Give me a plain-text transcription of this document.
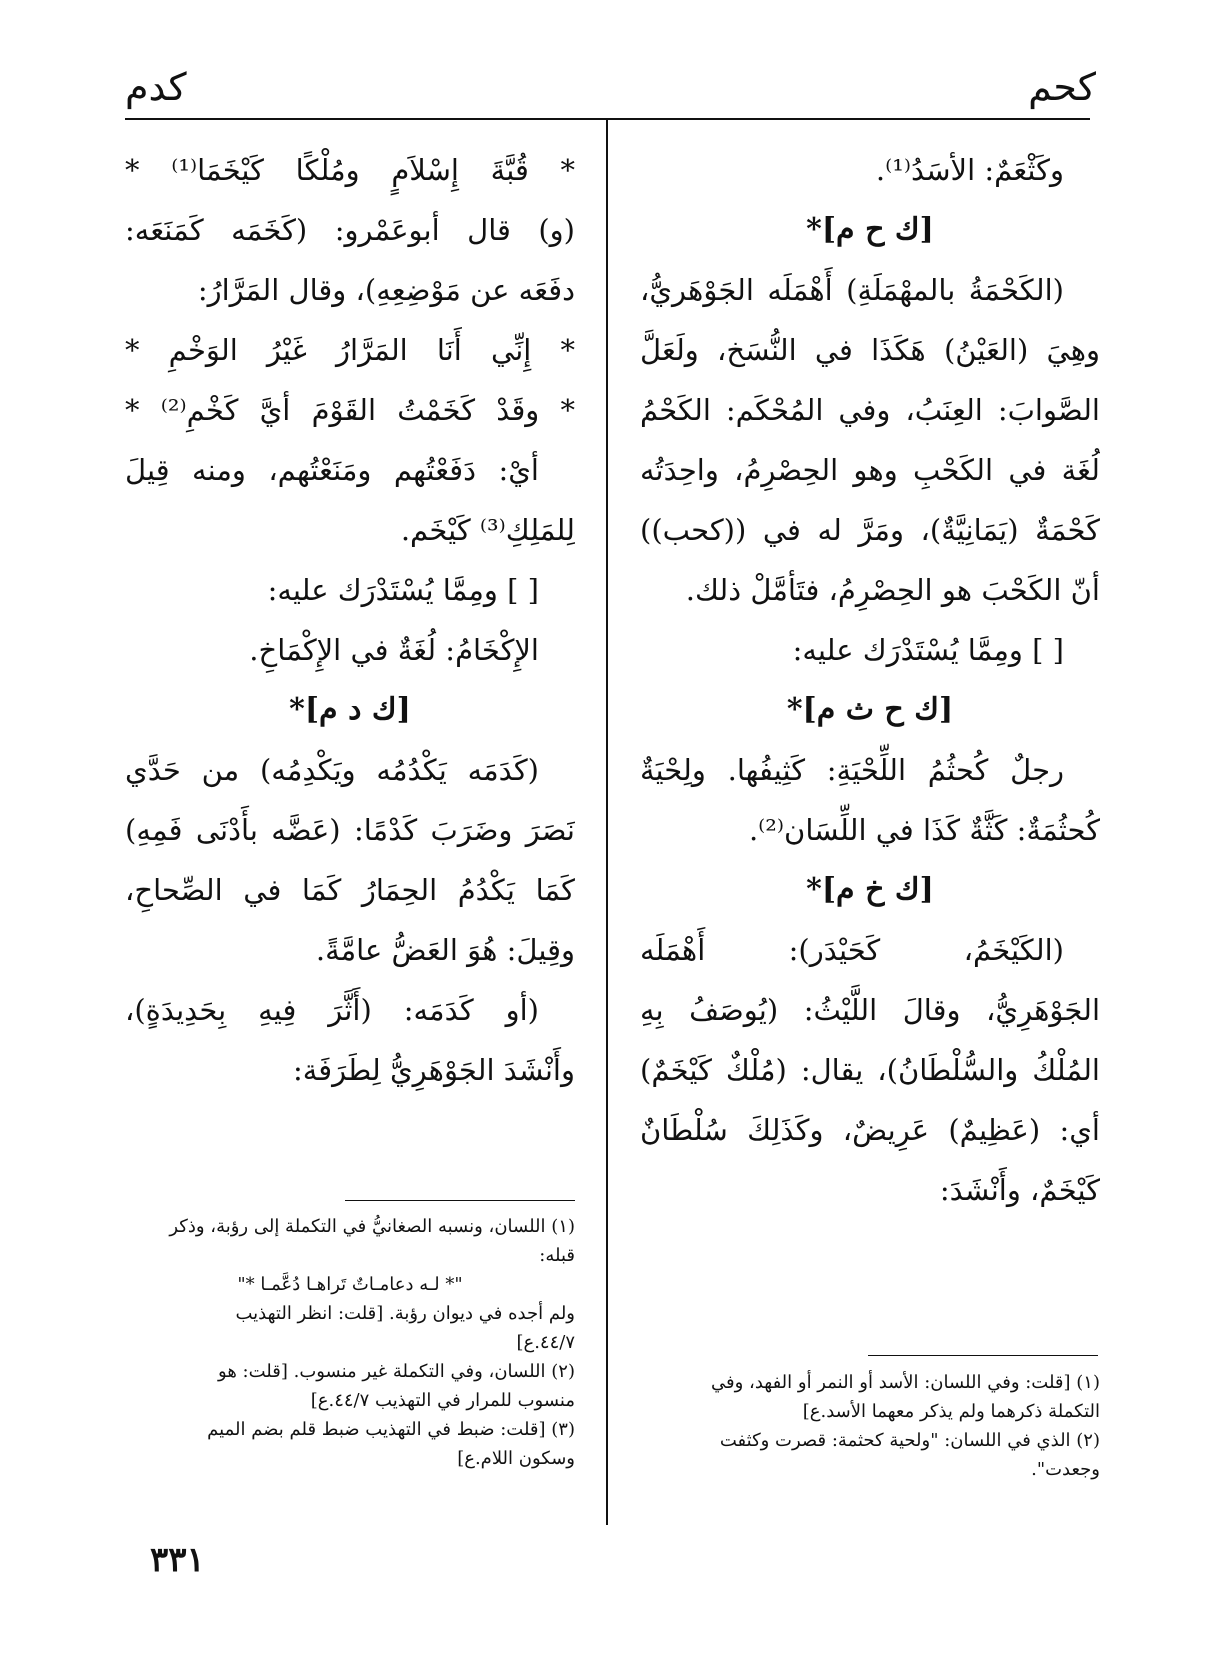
كحم
كدم
وكَثْعَمٌ: الأسَدُ⁽¹⁾.
[ك ح م]*
(الكَحْمَةُ بالمهْمَلَةِ) أَهْمَلَه الجَوْهَريُّ،
وهِيَ (العَيْنُ) هَكَذَا في النُّسَخ، ولَعَلَّ
الصَّوابَ: العِنَبُ، وفي المُحْكَم: الكَحْمُ
لُغَة في الكَحْبِ وهو الحِصْرِمُ، واحِدَتُه
كَحْمَةٌ (يَمَانِيَّةٌ)، ومَرَّ له في ((كحب))
أنّ الكَحْبَ هو الحِصْرِمُ، فتَأمَّلْ ذلك.
[ ] ومِمَّا يُسْتَدْرَك عليه:
[ك ح ث م]*
رجلٌ كُحثُمُ اللِّحْيَةِ: كَثِيفُها. ولِحْيَةٌ
كُحثُمَةٌ: كَثَّةٌ كَذَا في اللِّسَان⁽²⁾.
[ك خ م]*
(الكَيْخَمُ، كَحَيْدَر): أَهْمَلَه
الجَوْهَرِيُّ، وقالَ اللَّيْثُ: (يُوصَفُ بِهِ
المُلْكُ والسُّلْطَانُ)، يقال: (مُلْكٌ كَيْخَمٌ)
أي: (عَظِيمٌ) عَرِيضٌ، وكَذَلِكَ سُلْطَانٌ
كَيْخَمٌ، وأَنْشَدَ:
* قُبَّةَ إِسْلاَمٍ ومُلْكًا كَيْخَمَا⁽¹⁾ *
(و) قال أبوعَمْرو: (كَخَمَه كَمَنَعَه:
دفَعَه عن مَوْضِعِهِ)، وقال المَرَّارُ:
* إِنِّي أَنَا المَرَّارُ غَيْرُ الوَخْمِ *
* وقَدْ كَخَمْتُ القَوْمَ أيَّ كَخْمِ⁽²⁾ *
أيْ: دَفَعْتُهم ومَنَعْتُهم، ومنه قِيلَ
لِلمَلِكِ⁽³⁾ كَيْخَم.
[ ] ومِمَّا يُسْتَدْرَك عليه:
الإِكْخَامُ: لُغَةٌ في الإِكْمَاخِ.
[ك د م]*
(كَدَمَه يَكْدُمُه ويَكْدِمُه) من حَدَّي
نَصَرَ وضَرَبَ كَدْمًا: (عَضَّه بأَدْنَى فَمِهِ)
كَمَا يَكْدُمُ الحِمَارُ كَمَا في الصِّحاحِ،
وقِيلَ: هُوَ العَضُّ عامَّةً.
(أو كَدَمَه: (أَثَّرَ فِيهِ بِحَدِيدَةٍ)،
وأَنْشَدَ الجَوْهَرِيُّ لِطَرَفَة:
(١) [قلت: وفي اللسان: الأسد أو النمر أو الفهد، وفي
التكملة ذكرهما ولم يذكر معهما الأسد.ع]
(٢) الذي في اللسان: "ولحية كحثمة: قصرت وكثفت
وجعدت".
(١) اللسان، ونسبه الصغانيُّ في التكملة إلى رؤبة، وذكر
قبله:
"* لـه دعامـاتٌ تَراهـا دُعَّمـا *"
ولم أجده في ديوان رؤبة. [قلت: انظر التهذيب
٤٤/٧.ع]
(٢) اللسان، وفي التكملة غير منسوب. [قلت: هو
منسوب للمرار في التهذيب ٤٤/٧.ع]
(٣) [قلت: ضبط في التهذيب ضبط قلم بضم الميم
وسكون اللام.ع]
٣٣١
